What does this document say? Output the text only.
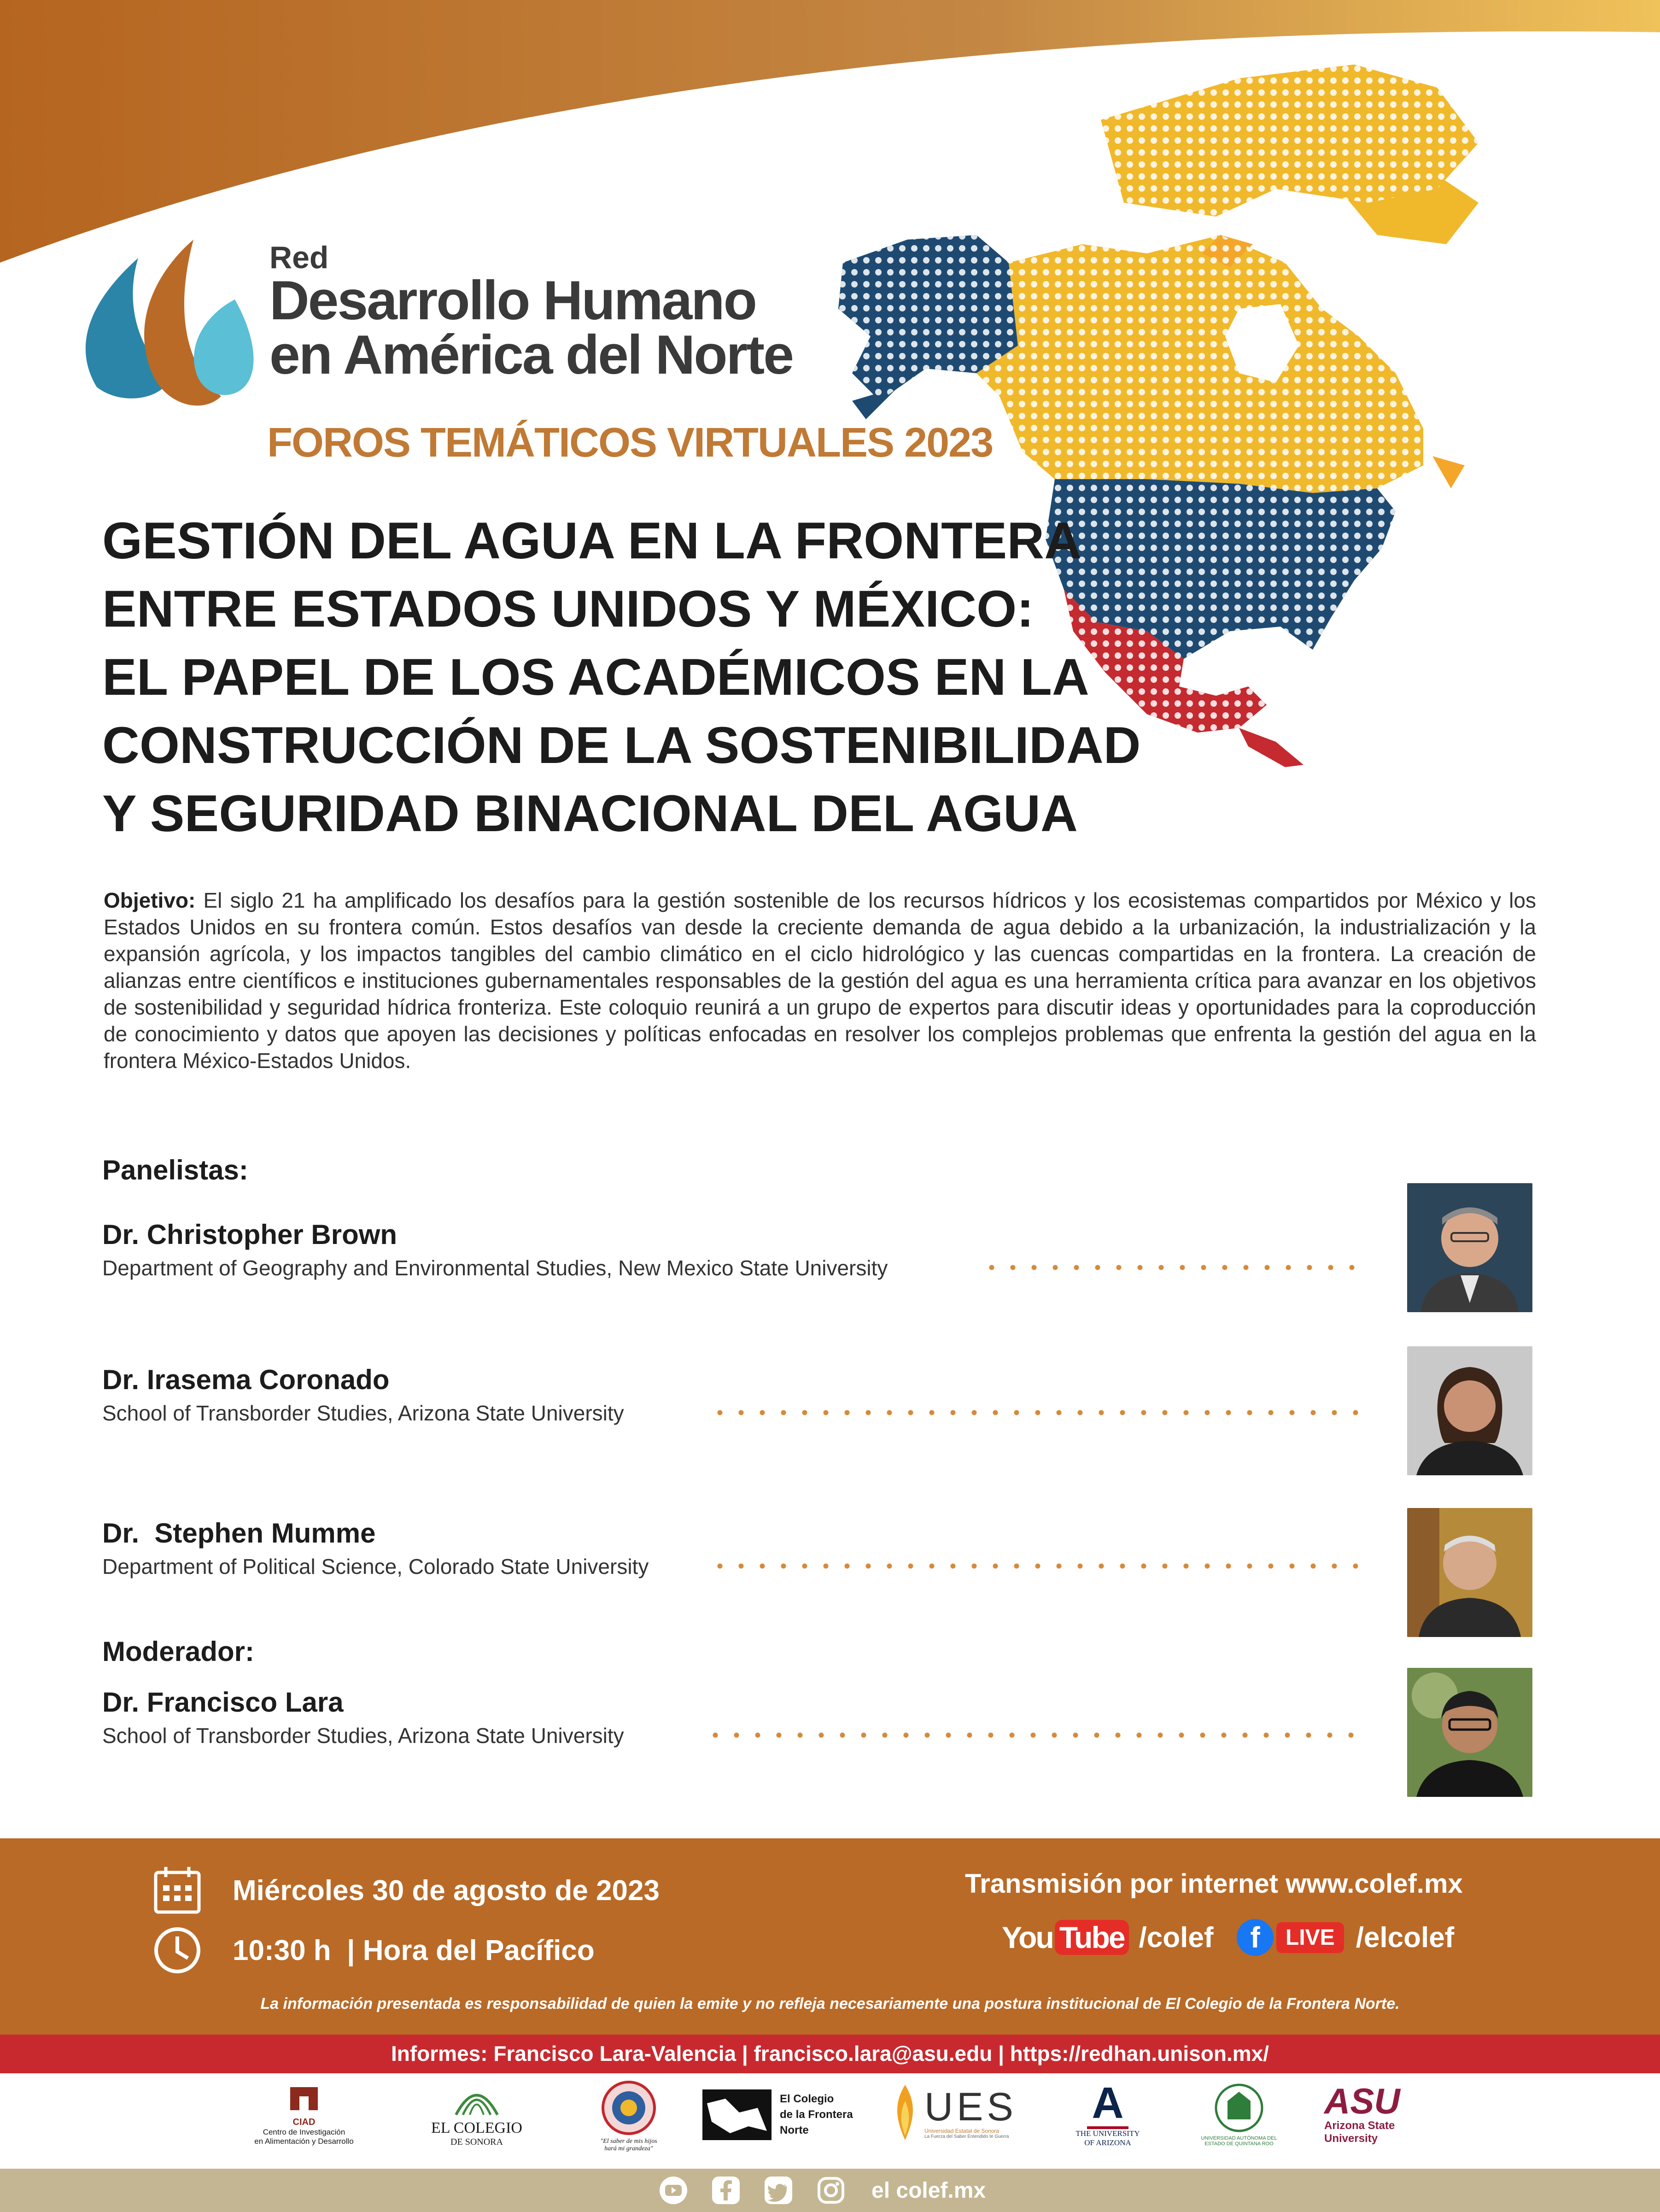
Red
Desarrollo Humano
en América del Norte
FOROS TEMÁTICOS VIRTUALES 2023
GESTIÓN DEL AGUA EN LA FRONTERA
ENTRE ESTADOS UNIDOS Y MÉXICO:
EL PAPEL DE LOS ACADÉMICOS EN LA
CONSTRUCCIÓN DE LA SOSTENIBILIDAD
Y SEGURIDAD BINACIONAL DEL AGUA
Objetivo: El siglo 21 ha amplificado los desafíos para la gestión sostenible de los recursos hídricos y los ecosistemas compartidos por México y los Estados Unidos en su frontera común. Estos desafíos van desde la creciente demanda de agua debido a la urbanización, la industrialización y la expansión agrícola, y los impactos tangibles del cambio climático en el ciclo hidrológico y las cuencas compartidas en la frontera. La creación de alianzas entre científicos e instituciones gubernamentales responsables de la gestión del agua es una herramienta crítica para avanzar en los objetivos de sostenibilidad y seguridad hídrica fronteriza. Este coloquio reunirá a un grupo de expertos para discutir ideas y oportunidades para la coproducción de conocimiento y datos que apoyen las decisiones y políticas enfocadas en resolver los complejos problemas que enfrenta la gestión del agua en la frontera México-Estados Unidos.
Panelistas:
Dr. Christopher Brown
Department of Geography and Environmental Studies, New Mexico State University
Dr. Irasema Coronado
School of Transborder Studies, Arizona State University
Dr.  Stephen Mumme
Department of Political Science, Colorado State University
Moderador:
Dr. Francisco Lara
School of Transborder Studies, Arizona State University
Miércoles 30 de agosto de 2023
10:30 h | Hora del Pacífico
Transmisión por internet www.colef.mx
You Tube /colef	f	LIVE /elcolef
La información presentada es responsabilidad de quien la emite y no refleja necesariamente una postura institucional de El Colegio de la Frontera Norte.
Informes: Francisco Lara-Valencia | francisco.lara@asu.edu | https://redhan.unison.mx/
CIAD
Centro de Investigación
en Alimentación y Desarrollo
EL COLEGIO
DE SONORA	"El saber de mis hijos
hará mi grandeza"
El Colegio
de la Frontera
Norte
UES
Universidad Estatal de Sonora
La Fuerza del Saber Entendido te Guerra
A
THE UNIVERSITY
OF ARIZONA	UNIVERSIDAD AUTÓNOMA DEL
ESTADO DE QUINTANA ROO
ASU
Arizona State
University
el colef.mx
